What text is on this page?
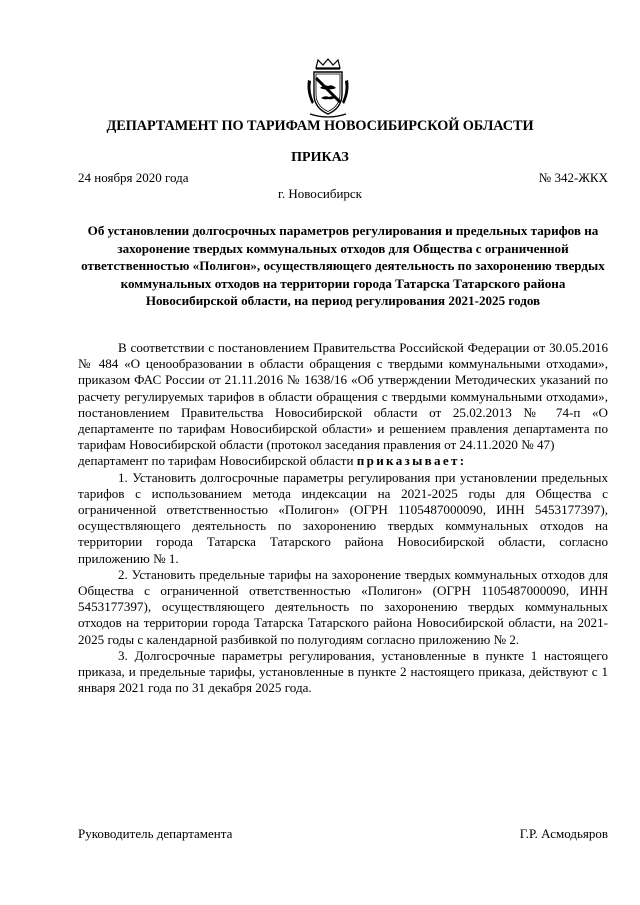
ДЕПАРТАМЕНТ ПО ТАРИФАМ НОВОСИБИРСКОЙ ОБЛАСТИ
ПРИКАЗ
24 ноября 2020 года	№ 342-ЖКХ
г. Новосибирск
Об установлении долгосрочных параметров регулирования и предельных тарифов на захоронение твердых коммунальных отходов для Общества с ограниченной ответственностью «Полигон», осуществляющего деятельность по захоронению твердых коммунальных отходов на территории города Татарска Татарского района Новосибирской области, на период регулирования 2021-2025 годов

В соответствии с постановлением Правительства Российской Федерации от 30.05.2016 № 484 «О ценообразовании в области обращения с твердыми коммунальными отходами», приказом ФАС России от 21.11.2016 № 1638/16 «Об утверждении Методических указаний по расчету регулируемых тарифов в области обращения с твердыми коммунальными отходами», постановлением Правительства Новосибирской области от 25.02.2013 № 74-п «О департаменте по тарифам Новосибирской области» и решением правления департамента по тарифам Новосибирской области (протокол заседания правления от 24.11.2020 № 47)

департамент по тарифам Новосибирской области приказывает:

1. Установить долгосрочные параметры регулирования при установлении предельных тарифов с использованием метода индексации на 2021-2025 годы для Общества с ограниченной ответственностью «Полигон» (ОГРН 1105487000090, ИНН 5453177397), осуществляющего деятельность по захоронению твердых коммунальных отходов на территории города Татарска Татарского района Новосибирской области, согласно приложению № 1.

2. Установить предельные тарифы на захоронение твердых коммунальных отходов для Общества с ограниченной ответственностью «Полигон» (ОГРН 1105487000090, ИНН 5453177397), осуществляющего деятельность по захоронению твердых коммунальных отходов на территории города Татарска Татарского района Новосибирской области, на 2021-2025 годы с календарной разбивкой по полугодиям согласно приложению № 2.

3. Долгосрочные параметры регулирования, установленные в пункте 1 настоящего приказа, и предельные тарифы, установленные в пункте 2 настоящего приказа, действуют с 1 января 2021 года по 31 декабря 2025 года.

Руководитель департамента	Г.Р. Асмодьяров
